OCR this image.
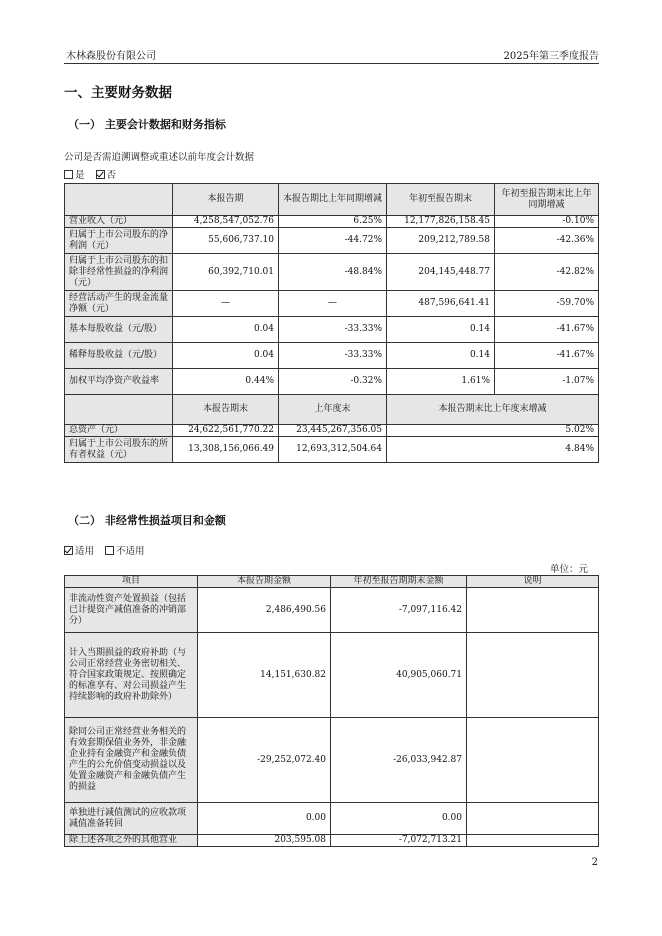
木林森股份有限公司	2025年第三季度报告
一、主要财务数据
（一） 主要会计数据和财务指标
公司是否需追溯调整或重述以前年度会计数据
是 否
	本报告期	本报告期比上年同期增减	年初至报告期末	年初至报告期末比上年同期增减
营业收入（元）	4,258,547,052.76	6.25%	12,177,826,158.45	-0.10%
归属于上市公司股东的净利润（元）	55,606,737.10	-44.72%	209,212,789.58	-42.36%
归属于上市公司股东的扣除非经常性损益的净利润（元）	60,392,710.01	-48.84%	204,145,448.77	-42.82%
经营活动产生的现金流量净额（元）	—	—	487,596,641.41	-59.70%
基本每股收益（元/股）	0.04	-33.33%	0.14	-41.67%
稀释每股收益（元/股）	0.04	-33.33%	0.14	-41.67%
加权平均净资产收益率	0.44%	-0.32%	1.61%	-1.07%
	本报告期末	上年度末	本报告期末比上年度末增减	
总资产（元）	24,622,561,770.22	23,445,267,356.05	5.02%	
归属于上市公司股东的所有者权益（元）	13,308,156,066.49	12,693,312,504.64	4.84%	
（二） 非经常性损益项目和金额
适用 不适用
单位：元
项目	本报告期金额	年初至报告期期末金额	说明
非流动性资产处置损益（包括已计提资产减值准备的冲销部分）	2,486,490.56	-7,097,116.42	
计入当期损益的政府补助（与公司正常经营业务密切相关、符合国家政策规定、按照确定的标准享有、对公司损益产生持续影响的政府补助除外）	14,151,630.82	40,905,060.71	
除同公司正常经营业务相关的有效套期保值业务外，非金融企业持有金融资产和金融负债产生的公允价值变动损益以及处置金融资产和金融负债产生的损益	-29,252,072.40	-26,033,942.87	
单独进行减值测试的应收款项减值准备转回	0.00	0.00	
除上述各项之外的其他营业	203,595.08	-7,072,713.21	
2
